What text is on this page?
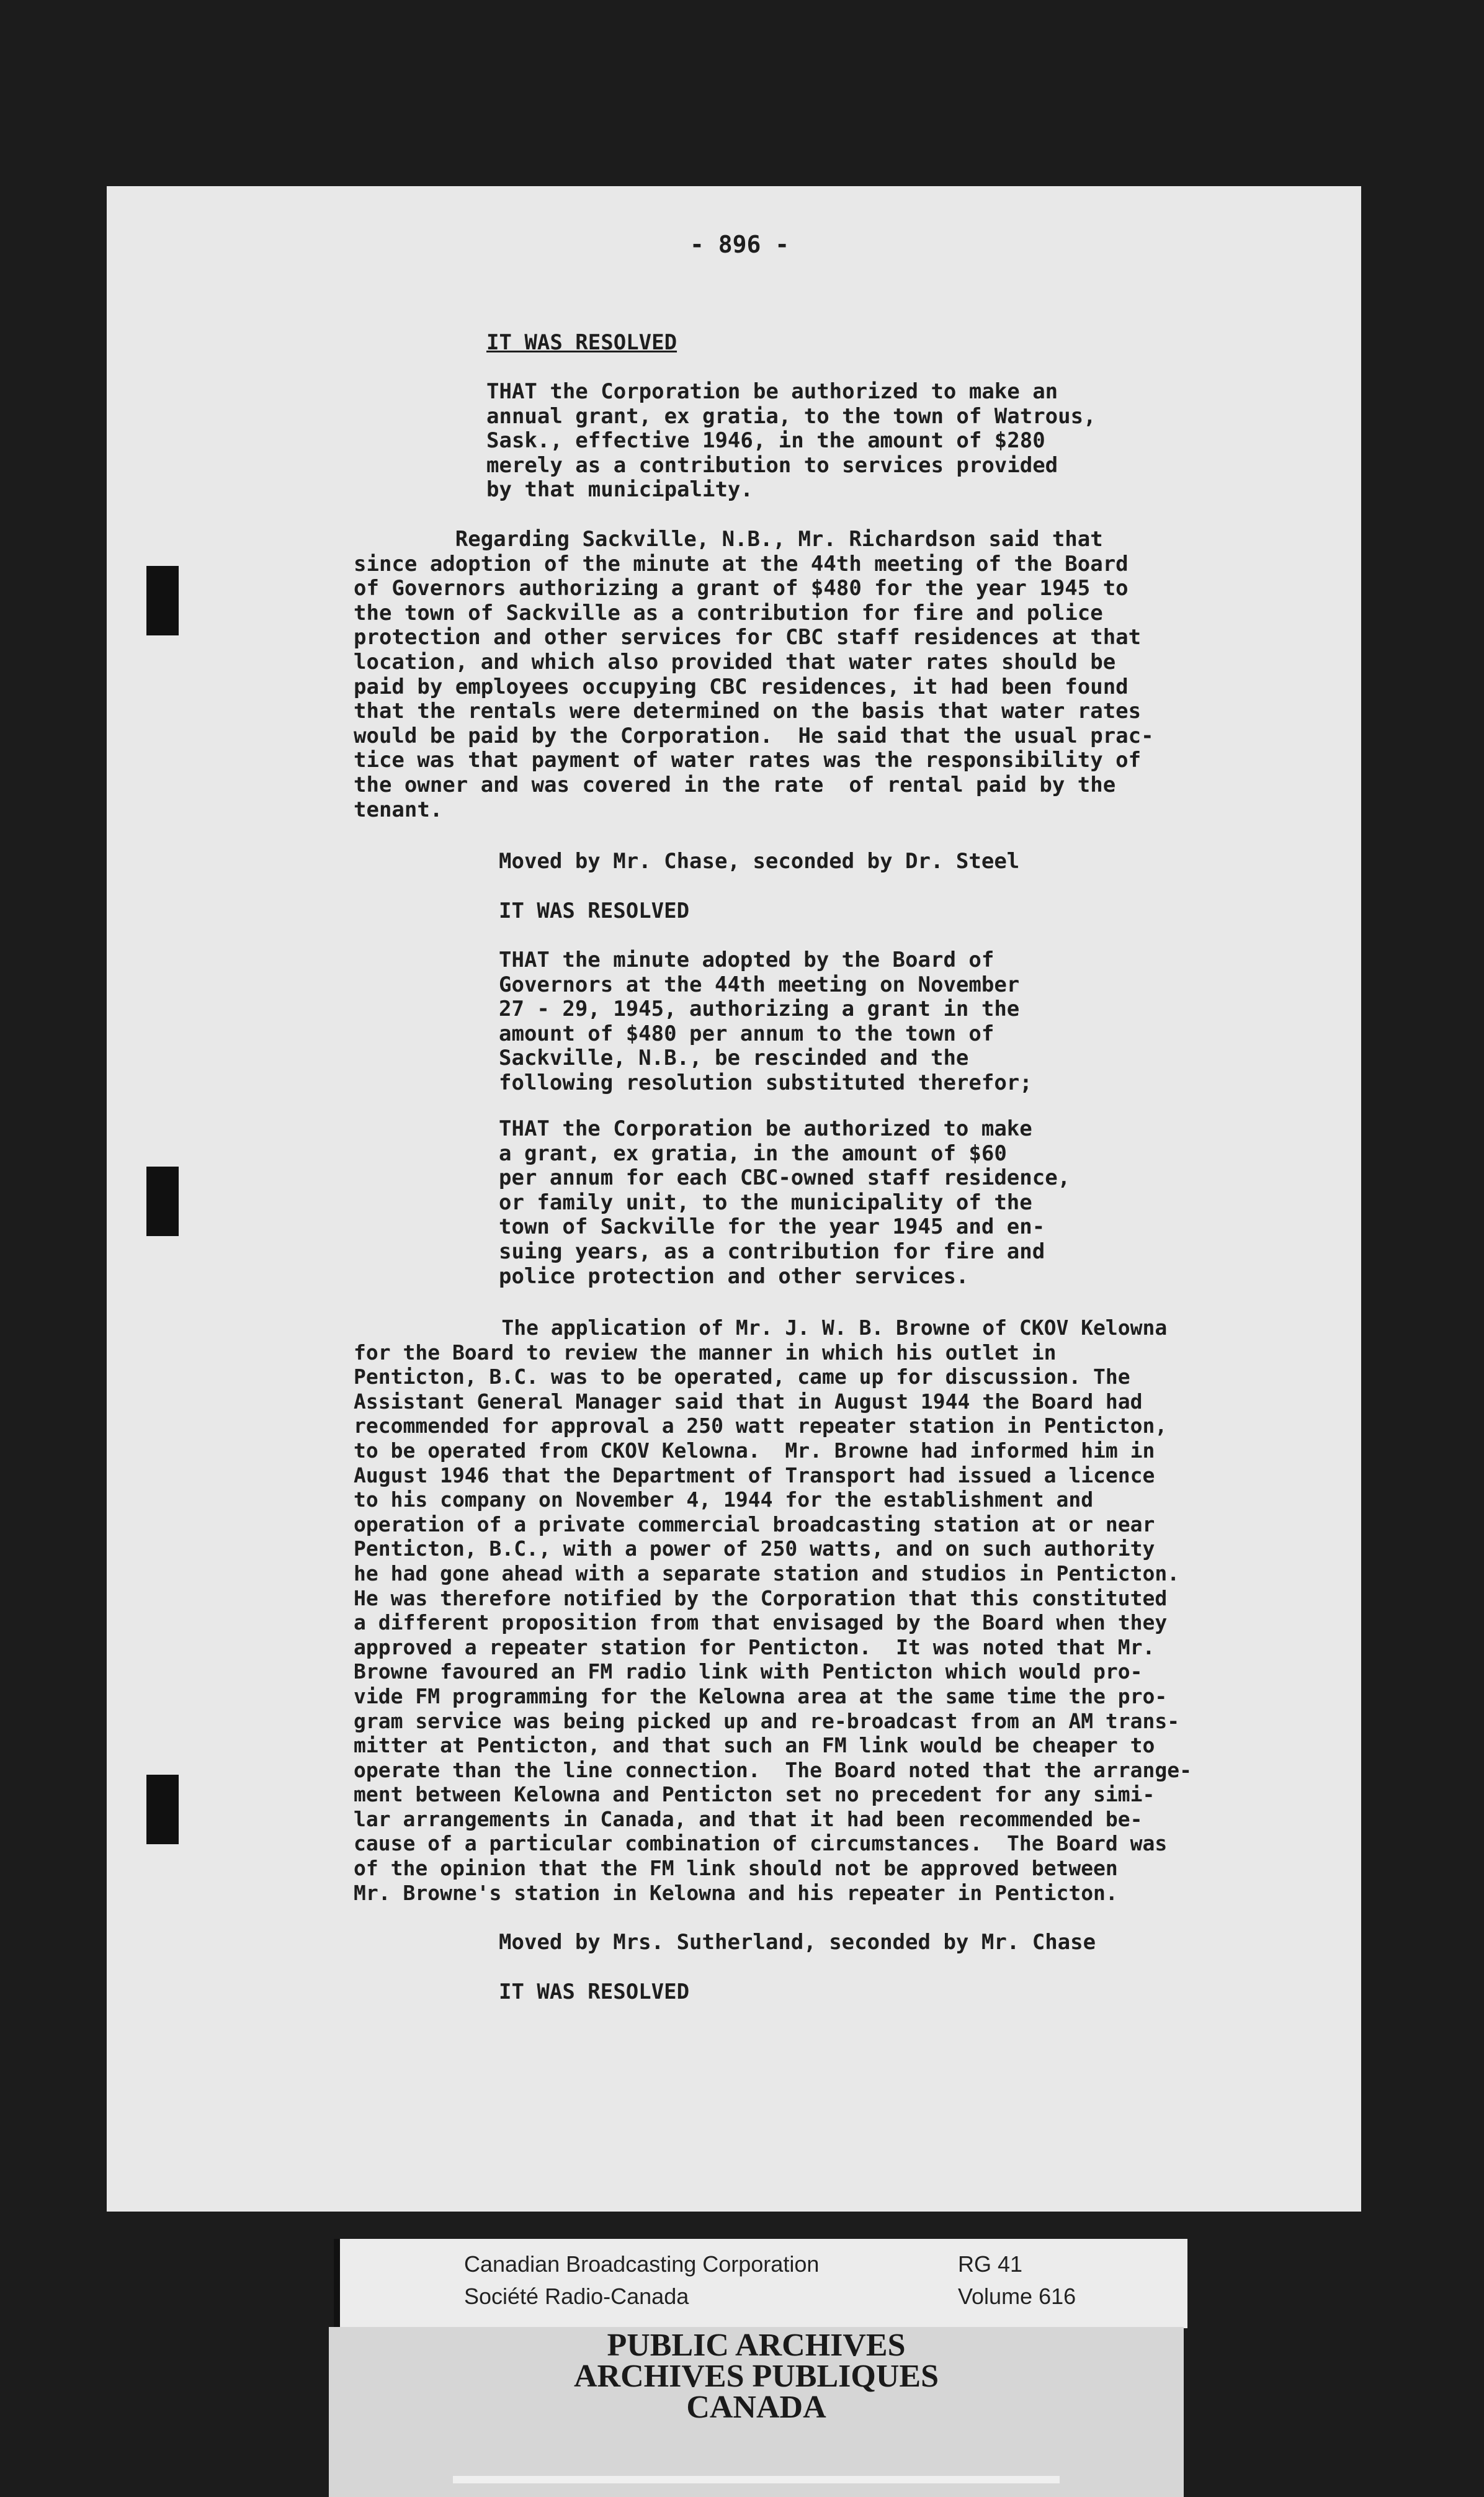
- 896 -

IT WAS RESOLVED

THAT the Corporation be authorized to make an
annual grant, ex gratia, to the town of Watrous,
Sask., effective 1946, in the amount of $280
merely as a contribution to services provided
by that municipality.

Regarding Sackville, N.B., Mr. Richardson said that
since adoption of the minute at the 44th meeting of the Board
of Governors authorizing a grant of $480 for the year 1945 to
the town of Sackville as a contribution for fire and police
protection and other services for CBC staff residences at that
location, and which also provided that water rates should be
paid by employees occupying CBC residences, it had been found
that the rentals were determined on the basis that water rates
would be paid by the Corporation.  He said that the usual prac-
tice was that payment of water rates was the responsibility of
the owner and was covered in the rate  of rental paid by the
tenant.

Moved by Mr. Chase, seconded by Dr. Steel

IT WAS RESOLVED

THAT the minute adopted by the Board of
Governors at the 44th meeting on November
27 - 29, 1945, authorizing a grant in the
amount of $480 per annum to the town of
Sackville, N.B., be rescinded and the
following resolution substituted therefor;

THAT the Corporation be authorized to make
a grant, ex gratia, in the amount of $60
per annum for each CBC-owned staff residence,
or family unit, to the municipality of the
town of Sackville for the year 1945 and en-
suing years, as a contribution for fire and
police protection and other services.

The application of Mr. J. W. B. Browne of CKOV Kelowna
for the Board to review the manner in which his outlet in
Penticton, B.C. was to be operated, came up for discussion. The
Assistant General Manager said that in August 1944 the Board had
recommended for approval a 250 watt repeater station in Penticton,
to be operated from CKOV Kelowna.  Mr. Browne had informed him in
August 1946 that the Department of Transport had issued a licence
to his company on November 4, 1944 for the establishment and
operation of a private commercial broadcasting station at or near
Penticton, B.C., with a power of 250 watts, and on such authority
he had gone ahead with a separate station and studios in Penticton.
He was therefore notified by the Corporation that this constituted
a different proposition from that envisaged by the Board when they
approved a repeater station for Penticton.  It was noted that Mr.
Browne favoured an FM radio link with Penticton which would pro-
vide FM programming for the Kelowna area at the same time the pro-
gram service was being picked up and re-broadcast from an AM trans-
mitter at Penticton, and that such an FM link would be cheaper to
operate than the line connection.  The Board noted that the arrange-
ment between Kelowna and Penticton set no precedent for any simi-
lar arrangements in Canada, and that it had been recommended be-
cause of a particular combination of circumstances.  The Board was
of the opinion that the FM link should not be approved between
Mr. Browne's station in Kelowna and his repeater in Penticton.

Moved by Mrs. Sutherland, seconded by Mr. Chase

IT WAS RESOLVED

Canadian Broadcasting Corporation
Société Radio-Canada
RG 41
Volume 616
PUBLIC ARCHIVES
ARCHIVES PUBLIQUES
CANADA
